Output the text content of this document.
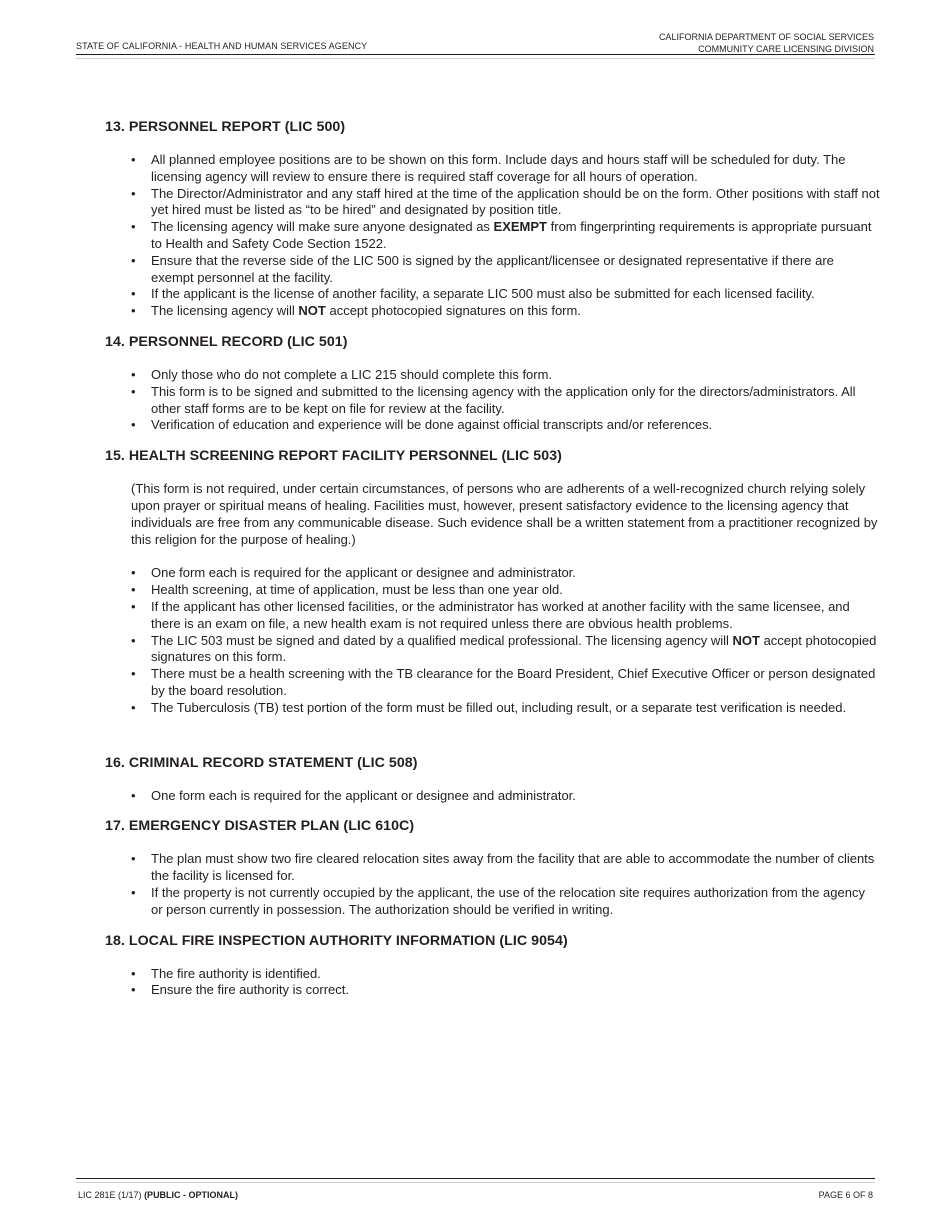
STATE OF CALIFORNIA - HEALTH AND HUMAN SERVICES AGENCY
CALIFORNIA DEPARTMENT OF SOCIAL SERVICES
COMMUNITY CARE LICENSING DIVISION
13. PERSONNEL REPORT (LIC 500)
• All planned employee positions are to be shown on this form. Include days and hours staff will be scheduled for duty. The licensing agency will review to ensure there is required staff coverage for all hours of operation.
• The Director/Administrator and any staff hired at the time of the application should be on the form. Other positions with staff not yet hired must be listed as “to be hired” and designated by position title.
• The licensing agency will make sure anyone designated as EXEMPT from fingerprinting requirements is appropriate pursuant to Health and Safety Code Section 1522.
• Ensure that the reverse side of the LIC 500 is signed by the applicant/licensee or designated representative if there are exempt personnel at the facility.
• If the applicant is the license of another facility, a separate LIC 500 must also be submitted for each licensed facility.
• The licensing agency will NOT accept photocopied signatures on this form.
14. PERSONNEL RECORD (LIC 501)
• Only those who do not complete a LIC 215 should complete this form.
• This form is to be signed and submitted to the licensing agency with the application only for the directors/administrators. All other staff forms are to be kept on file for review at the facility.
• Verification of education and experience will be done against official transcripts and/or references.
15. HEALTH SCREENING REPORT FACILITY PERSONNEL (LIC 503)
(This form is not required, under certain circumstances, of persons who are adherents of a well-recognized church relying solely upon prayer or spiritual means of healing. Facilities must, however, present satisfactory evidence to the licensing agency that individuals are free from any communicable disease. Such evidence shall be a written statement from a practitioner recognized by this religion for the purpose of healing.)
• One form each is required for the applicant or designee and administrator.
• Health screening, at time of application, must be less than one year old.
• If the applicant has other licensed facilities, or the administrator has worked at another facility with the same licensee, and there is an exam on file, a new health exam is not required unless there are obvious health problems.
• The LIC 503 must be signed and dated by a qualified medical professional. The licensing agency will NOT accept photocopied signatures on this form.
• There must be a health screening with the TB clearance for the Board President, Chief Executive Officer or person designated by the board resolution.
• The Tuberculosis (TB) test portion of the form must be filled out, including result, or a separate test verification is needed.
16. CRIMINAL RECORD STATEMENT (LIC 508)
• One form each is required for the applicant or designee and administrator.
17. EMERGENCY DISASTER PLAN (LIC 610C)
• The plan must show two fire cleared relocation sites away from the facility that are able to accommodate the number of clients the facility is licensed for.
• If the property is not currently occupied by the applicant, the use of the relocation site requires authorization from the agency or person currently in possession. The authorization should be verified in writing.
18. LOCAL FIRE INSPECTION AUTHORITY INFORMATION (LIC 9054)
• The fire authority is identified.
• Ensure the fire authority is correct.
LIC 281E (1/17) (PUBLIC - OPTIONAL)	PAGE 6 OF 8
